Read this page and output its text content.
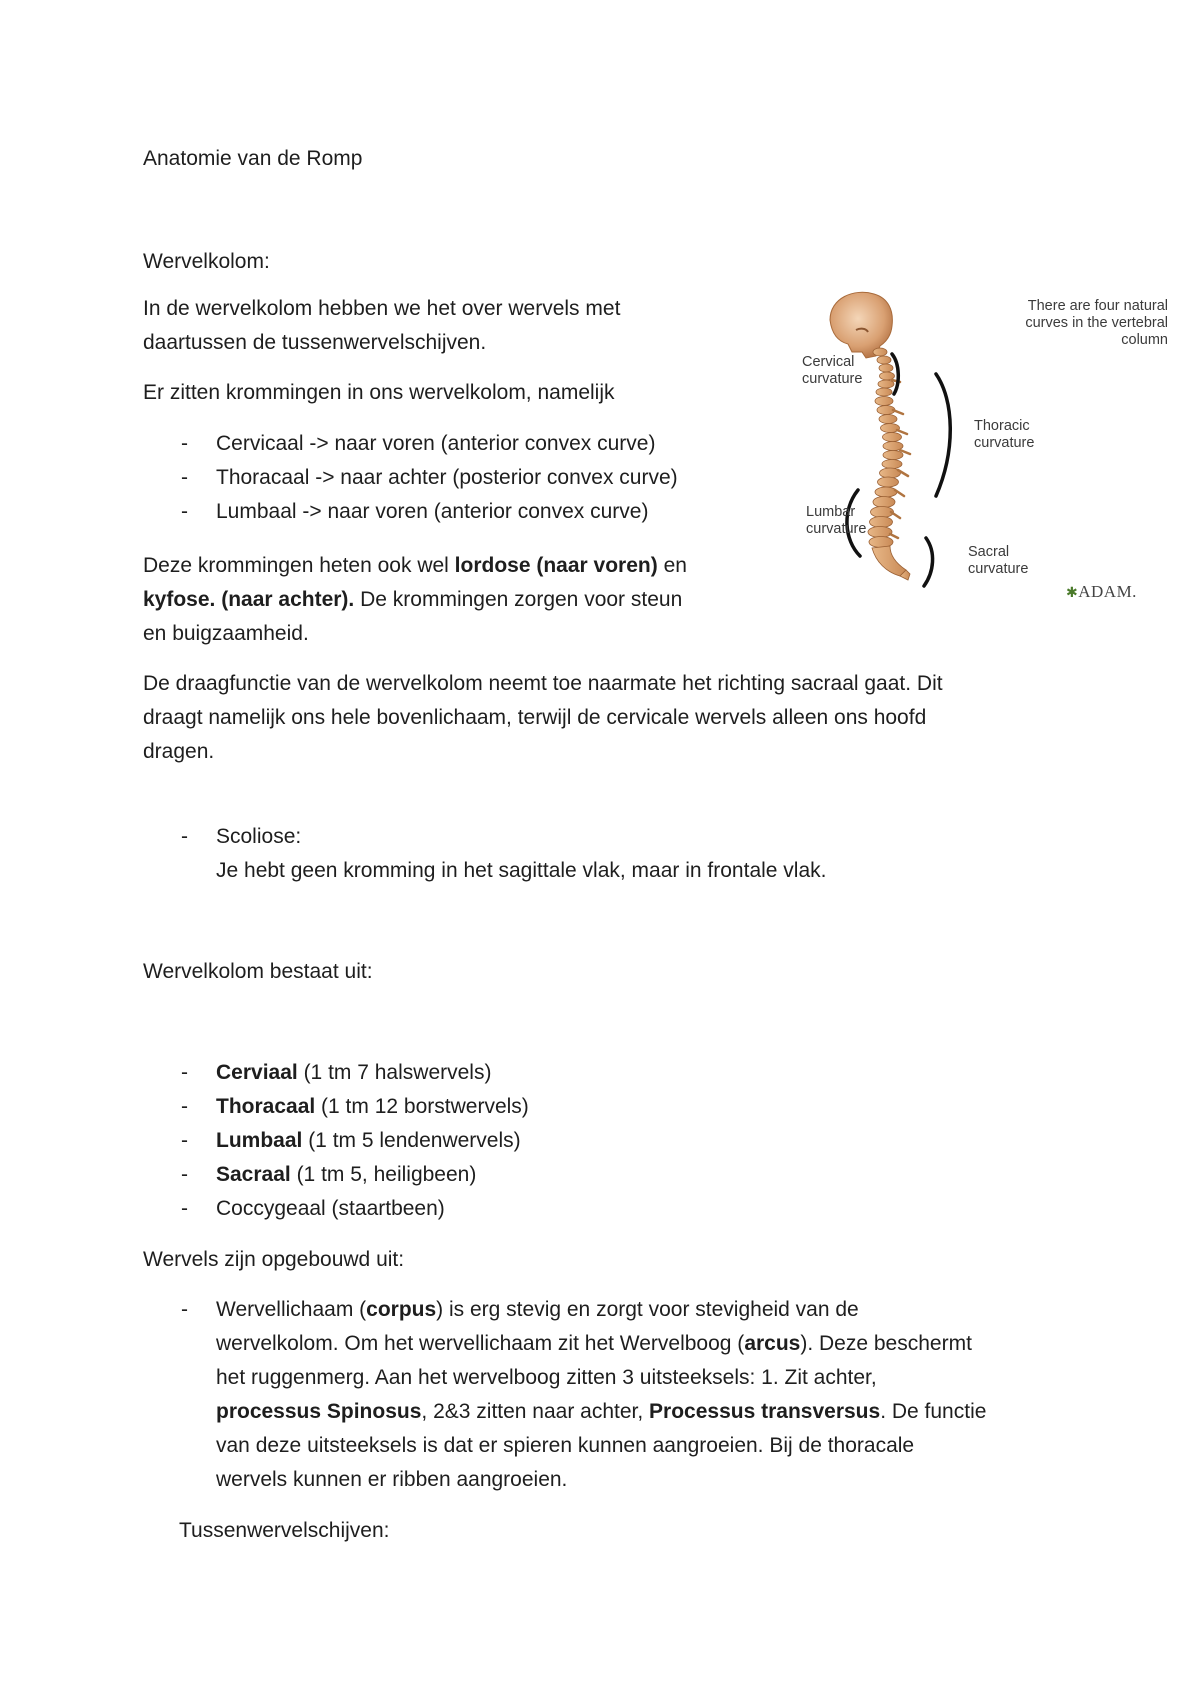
Anatomie van de Romp

Wervelkolom:

In de wervelkolom hebben we het over wervels met

daartussen de tussenwervelschijven.

Er zitten krommingen in ons wervelkolom, namelijk

- Cervicaal -> naar voren (anterior convex curve)
- Thoracaal -> naar achter (posterior convex curve)
- Lumbaal -> naar voren (anterior convex curve)

Deze krommingen heten ook wel lordose (naar voren) en

kyfose. (naar achter). De krommingen zorgen voor steun

en buigzaamheid.

De draagfunctie van de wervelkolom neemt toe naarmate het richting sacraal gaat. Dit

draagt namelijk ons hele bovenlichaam, terwijl de cervicale wervels alleen ons hoofd

dragen.

- Scoliose:
Je hebt geen kromming in het sagittale vlak, maar in frontale vlak.

Wervelkolom bestaat uit:

- Cerviaal (1 tm 7 halswervels)
- Thoracaal (1 tm 12 borstwervels)
- Lumbaal (1 tm 5 lendenwervels)
- Sacraal (1 tm 5, heiligbeen)
- Coccygeaal (staartbeen)

Wervels zijn opgebouwd uit:

- Wervellichaam (corpus) is erg stevig en zorgt voor stevigheid van de
wervelkolom. Om het wervellichaam zit het Wervelboog (arcus). Deze beschermt
het ruggenmerg. Aan het wervelboog zitten 3 uitsteeksels: 1. Zit achter,
processus Spinosus, 2&3 zitten naar achter, Processus transversus. De functie
van deze uitsteeksels is dat er spieren kunnen aangroeien. Bij de thoracale
wervels kunnen er ribben aangroeien.

Tussenwervelschijven:

There are four natural
curves in the vertebral
column
Cervical
curvature
Thoracic
curvature
Lumbar
curvature
Sacral
curvature
✱ADAM.
